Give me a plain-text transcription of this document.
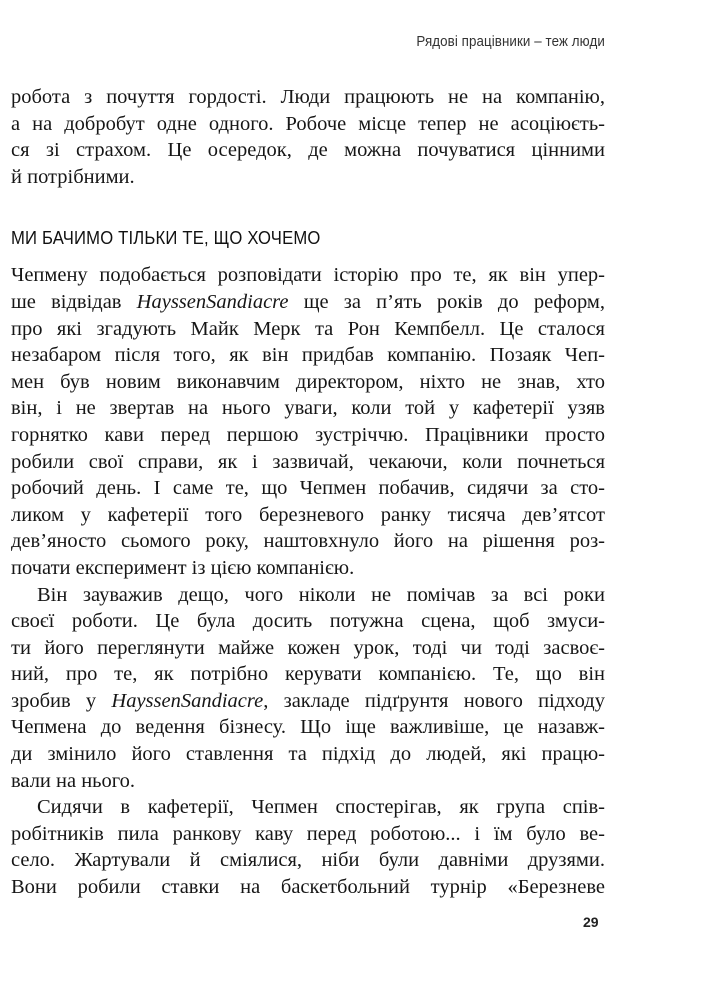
Рядові працівники – теж люди
робота з почуття гордості. Люди працюють не на компанію,
а на добробут одне одного. Робоче місце тепер не асоціюєть-
ся зі страхом. Це осередок, де можна почуватися цінними
й потрібними.
МИ БАЧИМО ТІЛЬКИ ТЕ, ЩО ХОЧЕМО
Чепмену подобається розповідати історію про те, як він упер-
ше відвідав HayssenSandiacre ще за п’ять років до реформ,
про які згадують Майк Мерк та Рон Кемпбелл. Це сталося
незабаром після того, як він придбав компанію. Позаяк Чеп-
мен був новим виконавчим директором, ніхто не знав, хто
він, і не звертав на нього уваги, коли той у кафетерії узяв
горнятко кави перед першою зустріччю. Працівники просто
робили свої справи, як і зазвичай, чекаючи, коли почнеться
робочий день. І саме те, що Чепмен побачив, сидячи за сто-
ликом у кафетерії того березневого ранку тисяча дев’ятсот
дев’яносто сьомого року, наштовхнуло його на рішення роз-
почати експеримент із цією компанією.
Він зауважив дещо, чого ніколи не помічав за всі роки
своєї роботи. Це була досить потужна сцена, щоб змуси-
ти його переглянути майже кожен урок, тоді чи тоді засвоє-
ний, про те, як потрібно керувати компанією. Те, що він
зробив у HayssenSandiacre, закладе підґрунтя нового підходу
Чепмена до ведення бізнесу. Що іще важливіше, це назавж-
ди змінило його ставлення та підхід до людей, які працю-
вали на нього.
Сидячи в кафетерії, Чепмен спостерігав, як група спів-
робітників пила ранкову каву перед роботою... і їм було ве-
село. Жартували й сміялися, ніби були давніми друзями.
Вони робили ставки на баскетбольний турнір «Березневе
29
